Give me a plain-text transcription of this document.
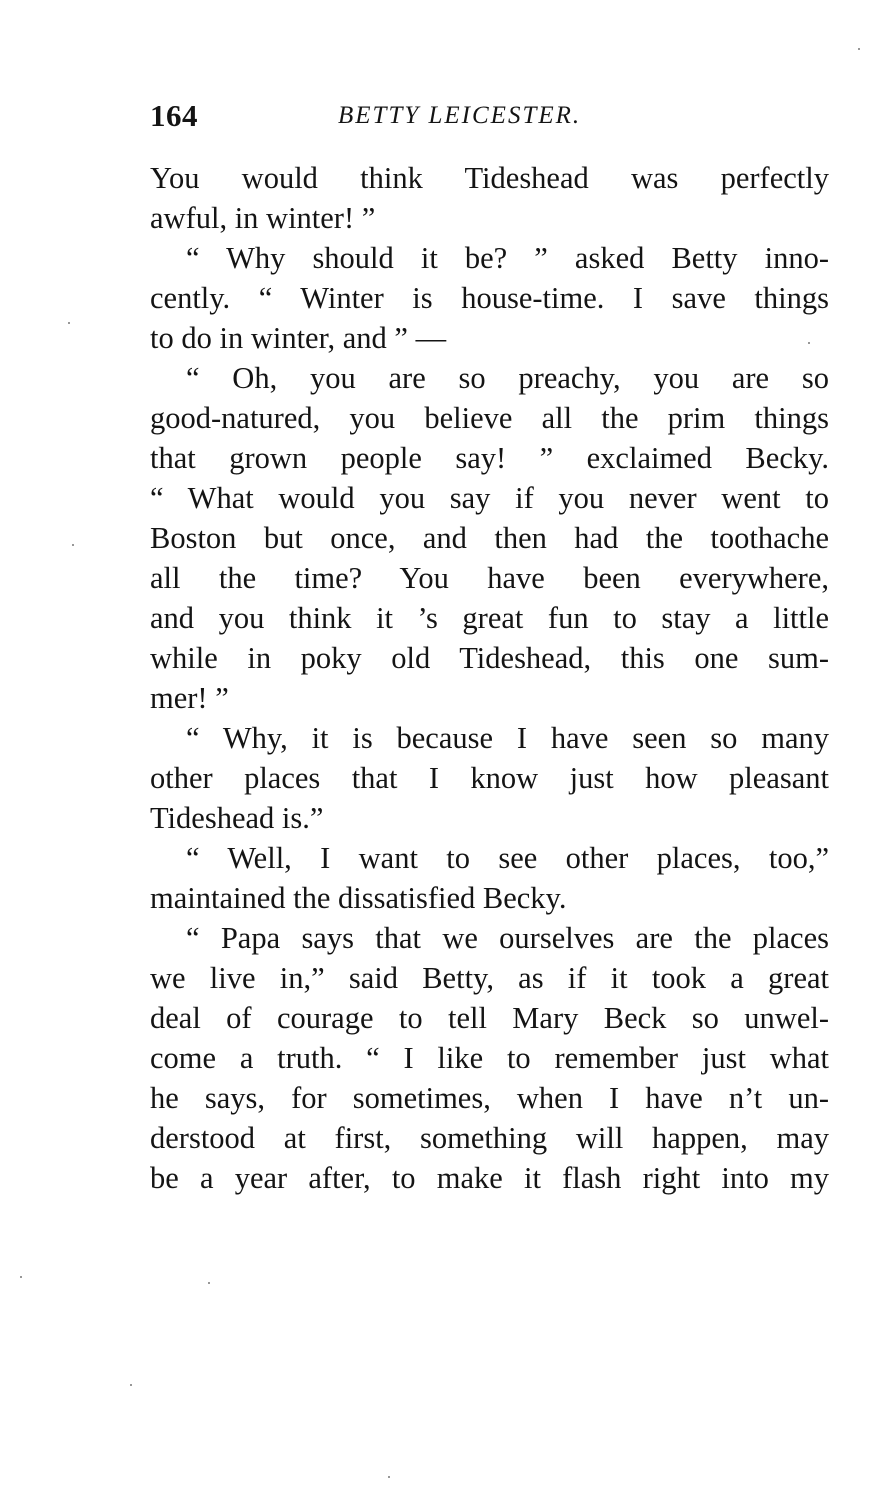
164	BETTY LEICESTER.
You would think Tideshead was perfectly
awful, in winter! ”
“ Why should it be? ” asked Betty inno-
cently. “ Winter is house-time. I save things
to do in winter, and ” —
“ Oh, you are so preachy, you are so
good-natured, you believe all the prim things
that grown people say! ” exclaimed Becky.
“ What would you say if you never went to
Boston but once, and then had the toothache
all the time? You have been everywhere,
and you think it ’s great fun to stay a little
while in poky old Tideshead, this one sum-
mer! ”
“ Why, it is because I have seen so many
other places that I know just how pleasant
Tideshead is.”
“ Well, I want to see other places, too,”
maintained the dissatisfied Becky.
“ Papa says that we ourselves are the places
we live in,” said Betty, as if it took a great
deal of courage to tell Mary Beck so unwel-
come a truth. “ I like to remember just what
he says, for sometimes, when I have n’t un-
derstood at first, something will happen, may
be a year after, to make it flash right into my
